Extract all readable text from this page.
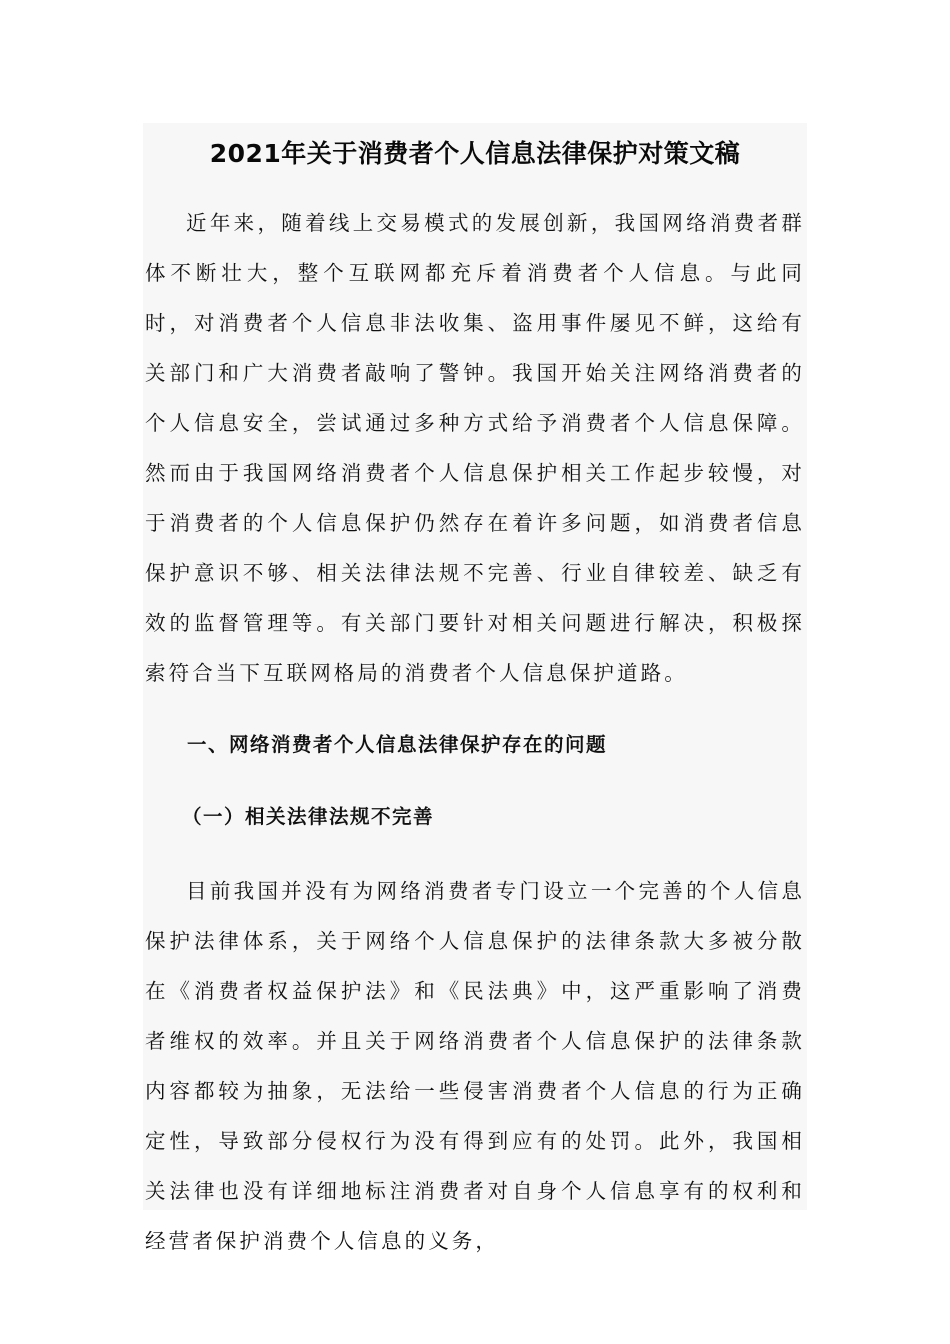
2021年关于消费者个人信息法律保护对策文稿

近年来，随着线上交易模式的发展创新，我国网络消费者群体不断壮大，整个互联网都充斥着消费者个人信息。与此同时，对消费者个人信息非法收集、盗用事件屡见不鲜，这给有关部门和广大消费者敲响了警钟。我国开始关注网络消费者的个人信息安全，尝试通过多种方式给予消费者个人信息保障。然而由于我国网络消费者个人信息保护相关工作起步较慢，对于消费者的个人信息保护仍然存在着许多问题，如消费者信息保护意识不够、相关法律法规不完善、行业自律较差、缺乏有效的监督管理等。有关部门要针对相关问题进行解决，积极探索符合当下互联网格局的消费者个人信息保护道路。

一、网络消费者个人信息法律保护存在的问题
（一）相关法律法规不完善

目前我国并没有为网络消费者专门设立一个完善的个人信息保护法律体系，关于网络个人信息保护的法律条款大多被分散在《消费者权益保护法》和《民法典》中，这严重影响了消费者维权的效率。并且关于网络消费者个人信息保护的法律条款内容都较为抽象，无法给一些侵害消费者个人信息的行为正确定性，导致部分侵权行为没有得到应有的处罚。此外，我国相关法律也没有详细地标注消费者对自身个人信息享有的权利和经营者保护消费个人信息的义务，
